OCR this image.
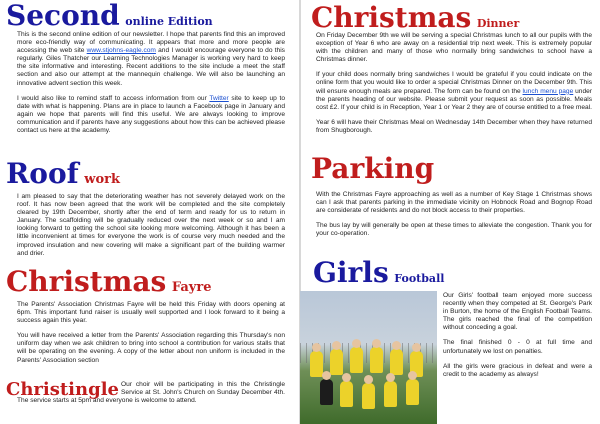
Second online Edition

This is the second online edition of our newsletter. I hope that parents find this an improved more eco-friendly way of communicating. It appears that more and more people are accessing the web site www.stjohns-eagle.com and I would encourage everyone to do this regularly. Giles Thatcher our Learning Technologies Manager is working very hard to keep the site informative and interesting. Recent additions to the site include a meet the staff section and also our attempt at the mannequin challenge. We will also be launching an innovative advent section this week.

I would also like to remind staff to access information from our Twitter site to keep up to date with what is happening. Plans are in place to launch a Facebook page in January and again we hope that parents will find this useful. We are always looking to improve communication and if parents have any suggestions about how this can be achieved please contact us here at the academy.

Roof work

I am pleased to say that the deteriorating weather has not severely delayed work on the roof. It has now been agreed that the work will be completed and the site completely cleared by 19th December, shortly after the end of term and ready for us to return in January. The scaffolding will be gradually reduced over the next week or so and I am looking forward to getting the school site looking more welcoming. Although it has been a little inconvenient at times for everyone the work is of course very much needed and the improved insulation and new covering will make a significant part of the building warmer and drier.

Christmas Fayre

The Parents' Association Christmas Fayre will be held this Friday with doors opening at 6pm. This important fund raiser is usually well supported and I look forward to it being a success again this year.

You will have received a letter from the Parents' Association regarding this Thursday's non uniform day when we ask children to bring into school a contribution for various stalls that will be operating on the evening. A copy of the letter about non uniform is included in the Parents' Association section

Christingle Our choir will be participating in this the Christingle Service at St. John's Church on Sunday December 4th. The service starts at 5pm and everyone is welcome to attend.

Christmas Dinner

On Friday December 9th we will be serving a special Christmas lunch to all our pupils with the exception of Year 6 who are away on a residential trip next week. This is extremely popular with the children and many of those who normally bring sandwiches to school have a Christmas dinner.

If your child does normally bring sandwiches I would be grateful if you could indicate on the online form that you would like to order a special Christmas Dinner on the December 9th. This will ensure enough meals are prepared. The form can be found on the lunch menu page under the parents heading of our website. Please submit your request as soon as possible. Meals cost £2. If your child is in Reception, Year 1 or Year 2 they are of course entitled to a free meal.

Year 6 will have their Christmas Meal on Wednesday 14th December when they have returned from Shugborough.

Parking

With the Christmas Fayre approaching as well as a number of Key Stage 1 Christmas shows can I ask that parents parking in the immediate vicinity on Hobnock Road and Bognop Road are considerate of residents and do not block access to their properties.

The bus lay by will generally be open at these times to alleviate the congestion. Thank you for your co-operation.

Girls Football

Our Girls' football team enjoyed more success recently when they competed at St. George's Park in Burton, the home of the English Football Teams. The girls reached the final of the competition without conceding a goal.

The final finished 0 - 0 at full time and unfortunately we lost on penalties.

All the girls were gracious in defeat and were a credit to the academy as always!
